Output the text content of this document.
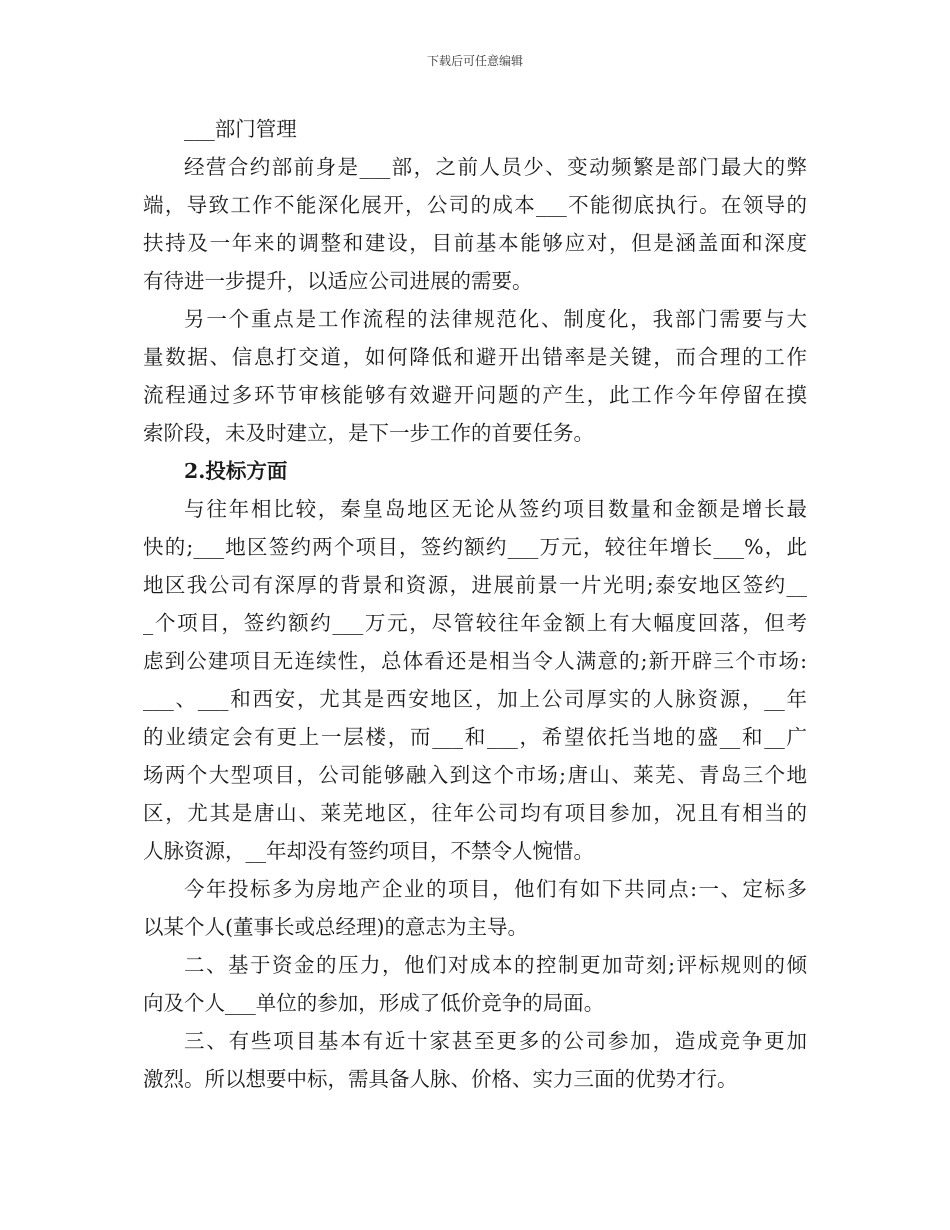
下载后可任意编辑
___部门管理
经营合约部前身是___部，之前人员少、变动频繁是部门最大的弊
端，导致工作不能深化展开，公司的成本___不能彻底执行。在领导的
扶持及一年来的调整和建设，目前基本能够应对，但是涵盖面和深度
有待进一步提升，以适应公司进展的需要。
另一个重点是工作流程的法律规范化、制度化，我部门需要与大
量数据、信息打交道，如何降低和避开出错率是关键，而合理的工作
流程通过多环节审核能够有效避开问题的产生，此工作今年停留在摸
索阶段，未及时建立，是下一步工作的首要任务。
2.投标方面
与往年相比较，秦皇岛地区无论从签约项目数量和金额是增长最
快的;___地区签约两个项目，签约额约___万元，较往年增长___%，此
地区我公司有深厚的背景和资源，进展前景一片光明;泰安地区签约__
_个项目，签约额约___万元，尽管较往年金额上有大幅度回落，但考
虑到公建项目无连续性，总体看还是相当令人满意的;新开辟三个市场:
___、___和西安，尤其是西安地区，加上公司厚实的人脉资源，__年
的业绩定会有更上一层楼，而___和___，希望依托当地的盛__和__广
场两个大型项目，公司能够融入到这个市场;唐山、莱芜、青岛三个地
区，尤其是唐山、莱芜地区，往年公司均有项目参加，况且有相当的
人脉资源，__年却没有签约项目，不禁令人惋惜。
今年投标多为房地产企业的项目，他们有如下共同点:一、定标多
以某个人(董事长或总经理)的意志为主导。
二、基于资金的压力，他们对成本的控制更加苛刻;评标规则的倾
向及个人___单位的参加，形成了低价竞争的局面。
三、有些项目基本有近十家甚至更多的公司参加，造成竞争更加
激烈。所以想要中标，需具备人脉、价格、实力三面的优势才行。
